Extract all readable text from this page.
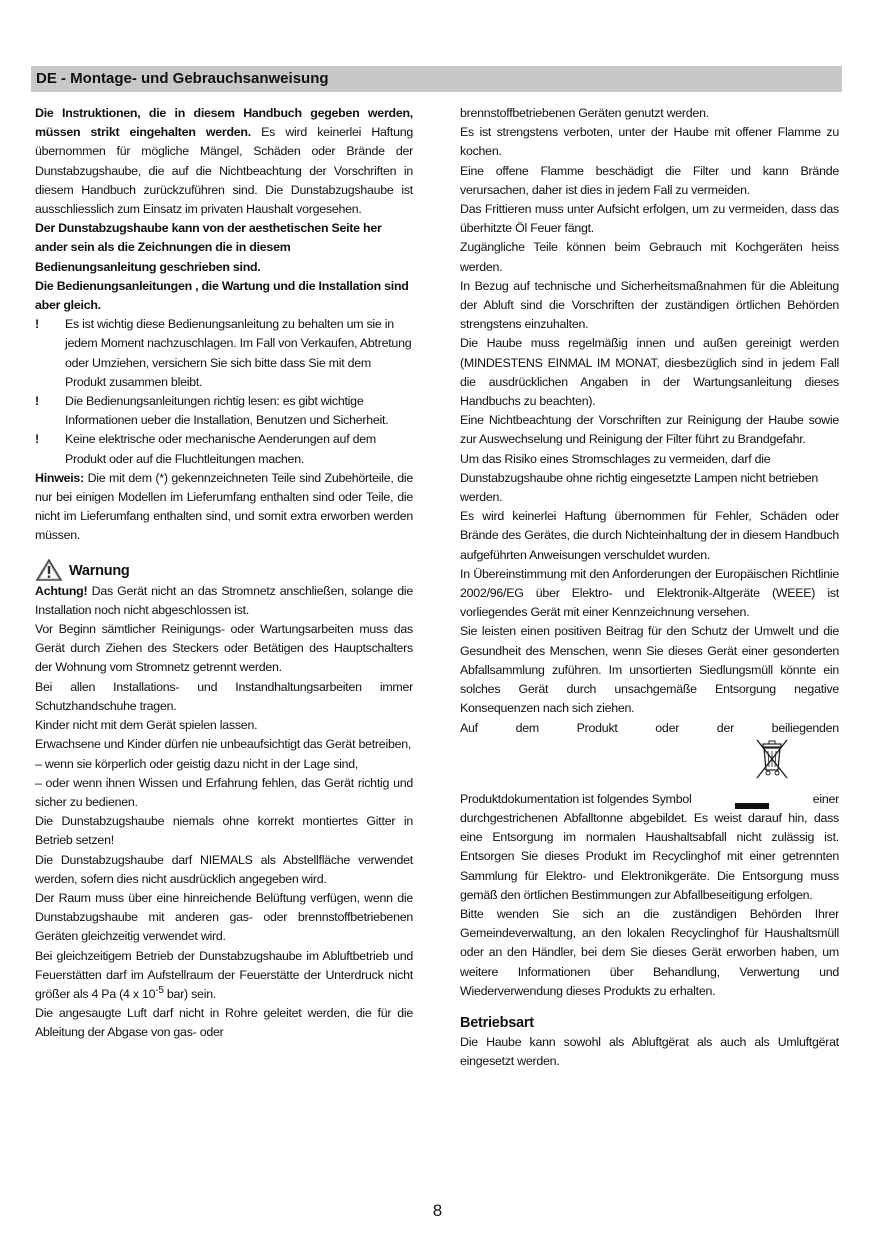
DE - Montage- und Gebrauchsanweisung

Die Instruktionen, die in diesem Handbuch gegeben werden, müssen strikt eingehalten werden. Es wird keinerlei Haftung übernommen für mögliche Mängel, Schäden oder Brände der Dunstabzugshaube, die auf die Nichtbeachtung der Vorschriften in diesem Handbuch zurückzuführen sind. Die Dunstabzugshaube ist ausschliesslich zum Einsatz im privaten Haushalt vorgesehen.

Der Dunstabzugshaube kann von der aesthetischen Seite her ander sein als die Zeichnungen die in diesem Bedienungsanleitung geschrieben sind.

Die Bedienungsanleitungen , die Wartung und die Installation sind aber gleich.

! Es ist wichtig diese Bedienungsanleitung zu behalten um sie in jedem Moment nachzuschlagen. Im Fall von Verkaufen, Abtretung oder Umziehen, versichern Sie sich bitte dass Sie mit dem Produkt zusammen bleibt.

! Die Bedienungsanleitungen richtig lesen: es gibt wichtige Informationen ueber die Installation, Benutzen und Sicherheit.

! Keine elektrische oder mechanische Aenderungen auf dem Produkt oder auf die Fluchtleitungen machen.

Hinweis: Die mit dem (*) gekennzeichneten Teile sind Zubehörteile, die nur bei einigen Modellen im Lieferumfang enthalten sind oder Teile, die nicht im Lieferumfang enthalten sind, und somit extra erworben werden müssen.

Warnung

Achtung! Das Gerät nicht an das Stromnetz anschließen, solange die Installation noch nicht abgeschlossen ist.

Vor Beginn sämtlicher Reinigungs- oder Wartungsarbeiten muss das Gerät durch Ziehen des Steckers oder Betätigen des Hauptschalters der Wohnung vom Stromnetz getrennt werden.

Bei allen Installations- und Instandhaltungsarbeiten immer Schutzhandschuhe tragen.

Kinder nicht mit dem Gerät spielen lassen.

Erwachsene und Kinder dürfen nie unbeaufsichtigt das Gerät betreiben,

– wenn sie körperlich oder geistig dazu nicht in der Lage sind,

– oder wenn ihnen Wissen und Erfahrung fehlen, das Gerät richtig und sicher zu bedienen.

Die Dunstabzugshaube niemals ohne korrekt montiertes Gitter in Betrieb setzen!

Die Dunstabzugshaube darf NIEMALS als Abstellfläche verwendet werden, sofern dies nicht ausdrücklich angegeben wird.

Der Raum muss über eine hinreichende Belüftung verfügen, wenn die Dunstabzugshaube mit anderen gas- oder brennstoffbetriebenen Geräten gleichzeitig verwendet wird.

Bei gleichzeitigem Betrieb der Dunstabzugshaube im Abluftbetrieb und Feuerstätten darf im Aufstellraum der Feuerstätte der Unterdruck nicht größer als 4 Pa (4 x $10^{-5}$ bar) sein.

Die angesaugte Luft darf nicht in Rohre geleitet werden, die für die Ableitung der Abgase von gas- oder

brennstoffbetriebenen Geräten genutzt werden.

Es ist strengstens verboten, unter der Haube mit offener Flamme zu kochen.

Eine offene Flamme beschädigt die Filter und kann Brände verursachen, daher ist dies in jedem Fall zu vermeiden.

Das Frittieren muss unter Aufsicht erfolgen, um zu vermeiden, dass das überhitzte Öl Feuer fängt.

Zugängliche Teile können beim Gebrauch mit Kochgeräten heiss werden.

In Bezug auf technische und Sicherheitsmaßnahmen für die Ableitung der Abluft sind die Vorschriften der zuständigen örtlichen Behörden strengstens einzuhalten.

Die Haube muss regelmäßig innen und außen gereinigt werden (MINDESTENS EINMAL IM MONAT, diesbezüglich sind in jedem Fall die ausdrücklichen Angaben in der Wartungsanleitung dieses Handbuchs zu beachten).

Eine Nichtbeachtung der Vorschriften zur Reinigung der Haube sowie zur Auswechselung und Reinigung der Filter führt zu Brandgefahr.

Um das Risiko eines Stromschlages zu vermeiden, darf die

Dunstabzugshaube ohne richtig eingesetzte Lampen nicht betrieben

werden.

Es wird keinerlei Haftung übernommen für Fehler, Schäden oder Brände des Gerätes, die durch Nichteinhaltung der in diesem Handbuch aufgeführten Anweisungen verschuldet wurden.

In Übereinstimmung mit den Anforderungen der Europäischen Richtlinie 2002/96/EG über Elektro- und Elektronik-Altgeräte (WEEE) ist vorliegendes Gerät mit einer Kennzeichnung versehen.

Sie leisten einen positiven Beitrag für den Schutz der Umwelt und die Gesundheit des Menschen, wenn Sie dieses Gerät einer gesonderten Abfallsammlung zuführen. Im unsortierten Siedlungsmüll könnte ein solches Gerät durch unsachgemäße Entsorgung negative Konsequenzen nach sich ziehen.

Auf	dem	Produkt	oder	der	beiliegenden

Produktdokumentation ist folgendes Symbol	einer

durchgestrichenen Abfalltonne abgebildet. Es weist darauf hin, dass eine Entsorgung im normalen Haushaltsabfall nicht zulässig ist. Entsorgen Sie dieses Produkt im Recyclinghof mit einer getrennten Sammlung für Elektro- und Elektronikgeräte. Die Entsorgung muss gemäß den örtlichen Bestimmungen zur Abfallbeseitigung erfolgen.

Bitte wenden Sie sich an die zuständigen Behörden Ihrer Gemeindeverwaltung, an den lokalen Recyclinghof für Haushaltsmüll oder an den Händler, bei dem Sie dieses Gerät erworben haben, um weitere Informationen über Behandlung, Verwertung und Wiederverwendung dieses Produkts zu erhalten.

Betriebsart

Die Haube kann sowohl als Abluftgërat als auch als Umluftgërat eingesetzt werden.

8
